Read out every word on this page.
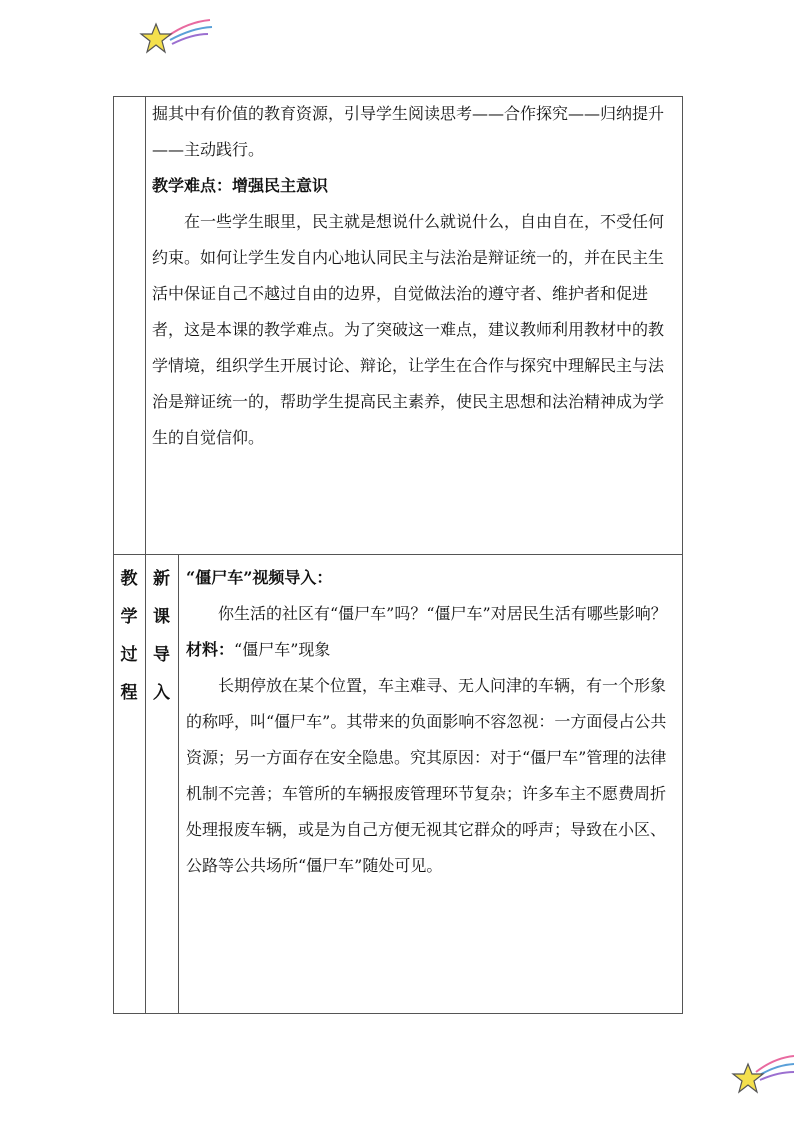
掘其中有价值的教育资源，引导学生阅读思考——合作探究——归纳提升——主动践行。

教学难点：增强民主意识

在一些学生眼里，民主就是想说什么就说什么，自由自在，不受任何约束。如何让学生发自内心地认同民主与法治是辩证统一的，并在民主生活中保证自己不越过自由的边界，自觉做法治的遵守者、维护者和促进者，这是本课的教学难点。为了突破这一难点，建议教师利用教材中的教学情境，组织学生开展讨论、辩论，让学生在合作与探究中理解民主与法治是辩证统一的，帮助学生提高民主素养，使民主思想和法治精神成为学生的自觉信仰。

教
学
过
程
新
课
导
入

“僵尸车”视频导入：

你生活的社区有“僵尸车”吗？“僵尸车”对居民生活有哪些影响？

材料：“僵尸车”现象

长期停放在某个位置，车主难寻、无人问津的车辆，有一个形象的称呼，叫“僵尸车”。其带来的负面影响不容忽视：一方面侵占公共资源；另一方面存在安全隐患。究其原因：对于“僵尸车”管理的法律机制不完善；车管所的车辆报废管理环节复杂；许多车主不愿费周折处理报废车辆，或是为自己方便无视其它群众的呼声；导致在小区、公路等公共场所“僵尸车”随处可见。
